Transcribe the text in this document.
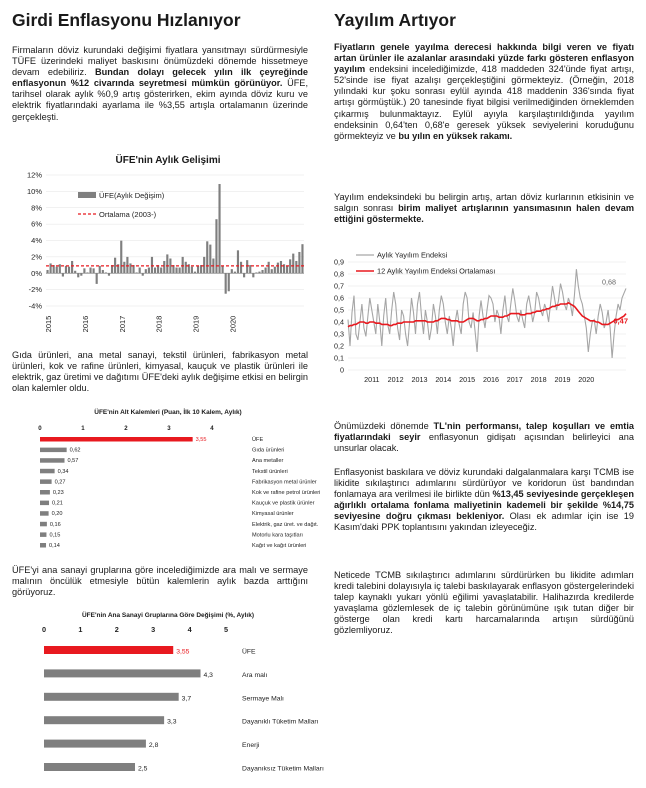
Girdi Enflasyonu Hızlanıyor

Firmaların döviz kurundaki değişimi fiyatlara yansıtmayı sürdürmesiyle TÜFE üzerindeki maliyet baskısını önümüzdeki dönemde hissetmeye devam edebiliriz. Bundan dolayı gelecek yılın ilk çeyreğinde enflasyonun %12 civarında seyretmesi mümkün görünüyor. ÜFE, tarihsel olarak aylık %0,9 artış gösterirken, ekim ayında döviz kuru ve elektrik fiyatlarındaki ayarlama ile %3,55 artışla ortalamanın üzerinde gerçekleşti.

ÜFE'nin Aylık Gelişimi
-4%
-2%
0%
2%
4%
6%
8%
10%
12%
2015	2016	2017	2018	2019	2020
ÜFE(Aylık Değişim)
Ortalama (2003-)

Gıda ürünleri, ana metal sanayi, tekstil ürünleri, fabrikasyon metal ürünleri, kok ve rafine ürünleri, kimyasal, kauçuk ve plastik ürünleri ile elektrik, gaz üretimi ve dağıtımı ÜFE'deki aylık değişime etkisi en belirgin olan kalemler oldu.

ÜFE'nin Alt Kalemleri (Puan, İlk 10 Kalem, Aylık)
0	1	2	3	4
3,55	ÜFE
0,62	Gıda ürünleri
0,57	Ana metaller
0,34	Tekstil ürünleri
0,27	Fabrikasyon metal ürünler
0,23	Kok ve rafine petrol ürünleri
0,21	Kauçuk ve plastik ürünler
0,20	Kimyasal ürünler
0,16	Elektrik, gaz üret. ve dağıt.
0,15	Motorlu kara taşıtları
0,14	Kağıt ve kağıt ürünleri

ÜFE'yi ana sanayi gruplarına göre incelediğimizde ara malı ve sermaye malının öncülük etmesiyle bütün kalemlerin aylık bazda arttığını görüyoruz.

ÜFE'nin Ana Sanayi Gruplarına Göre Değişimi (%, Aylık)
0	1	2	3	4	5
3,55	ÜFE
4,3	Ara malı
3,7	Sermaye Malı
3,3	Dayanıklı Tüketim Malları
2,8	Enerji
2,5	Dayanıksız Tüketim Malları
Yayılım Artıyor

Fiyatların genele yayılma derecesi hakkında bilgi veren ve fiyatı artan ürünler ile azalanlar arasındaki yüzde farkı gösteren enflasyon yayılım endeksini incelediğimizde, 418 maddeden 324'ünde fiyat artışı, 52'sinde ise fiyat azalışı gerçekleştiğini görmekteyiz. (Örneğin, 2018 yılındaki kur şoku sonrası eylül ayında 418 maddenin 336'sında fiyat artışı görmüştük.) 20 tanesinde fiyat bilgisi verilmediğinden örneklemden çıkarmış bulunmaktayız. Eylül ayıyla karşılaştırıldığında yayılım endeksinin 0,64'ten 0,68'e geresek yüksek seviyelerini koruduğunu görmekteyiz ve bu yılın en yüksek rakamı.

Yayılım endeksindeki bu belirgin artış, artan döviz kurlarının etkisinin ve salgın sonrası birim maliyet artışlarının yansımasının halen devam ettiğini göstermekte.

0
0,1
0,2
0,3
0,4
0,5
0,6
0,7
0,8
0,9
0,68
0,47
2011 2012 2013 2014 2015 2016 2017 2018 2019 2020
Aylık Yayılım Endeksi
12 Aylık Yayılım Endeksi Ortalaması

Önümüzdeki dönemde TL'nin performansı, talep koşulları ve emtia fiyatlarındaki seyir enflasyonun gidişatı açısından belirleyici ana unsurlar olacak.

Enflasyonist baskılara ve döviz kurundaki dalgalanmalara karşı TCMB ise likidite sıkılaştırıcı adımlarını sürdürüyor ve koridorun üst bandından fonlamaya ara verilmesi ile birlikte dün %13,45 seviyesinde gerçekleşen ağırlıklı ortalama fonlama maliyetinin kademeli bir şekilde %14,75 seviyesine doğru çıkması bekleniyor. Olası ek adımlar için ise 19 Kasım'daki PPK toplantısını yakından izleyeceğiz.

Neticede TCMB sıkılaştırıcı adımlarını sürdürürken bu likidite adımları kredi talebini dolayısıyla iç talebi baskılayarak enflasyon göstergelerindeki talep kaynaklı yukarı yönlü eğilimi yavaşlatabilir. Halihazırda kredilerde yavaşlama gözlemlesek de iç talebin görünümüne ışık tutan diğer bir gösterge olan kredi kartı harcamalarında artışın sürdüğünü gözlemliyoruz.
